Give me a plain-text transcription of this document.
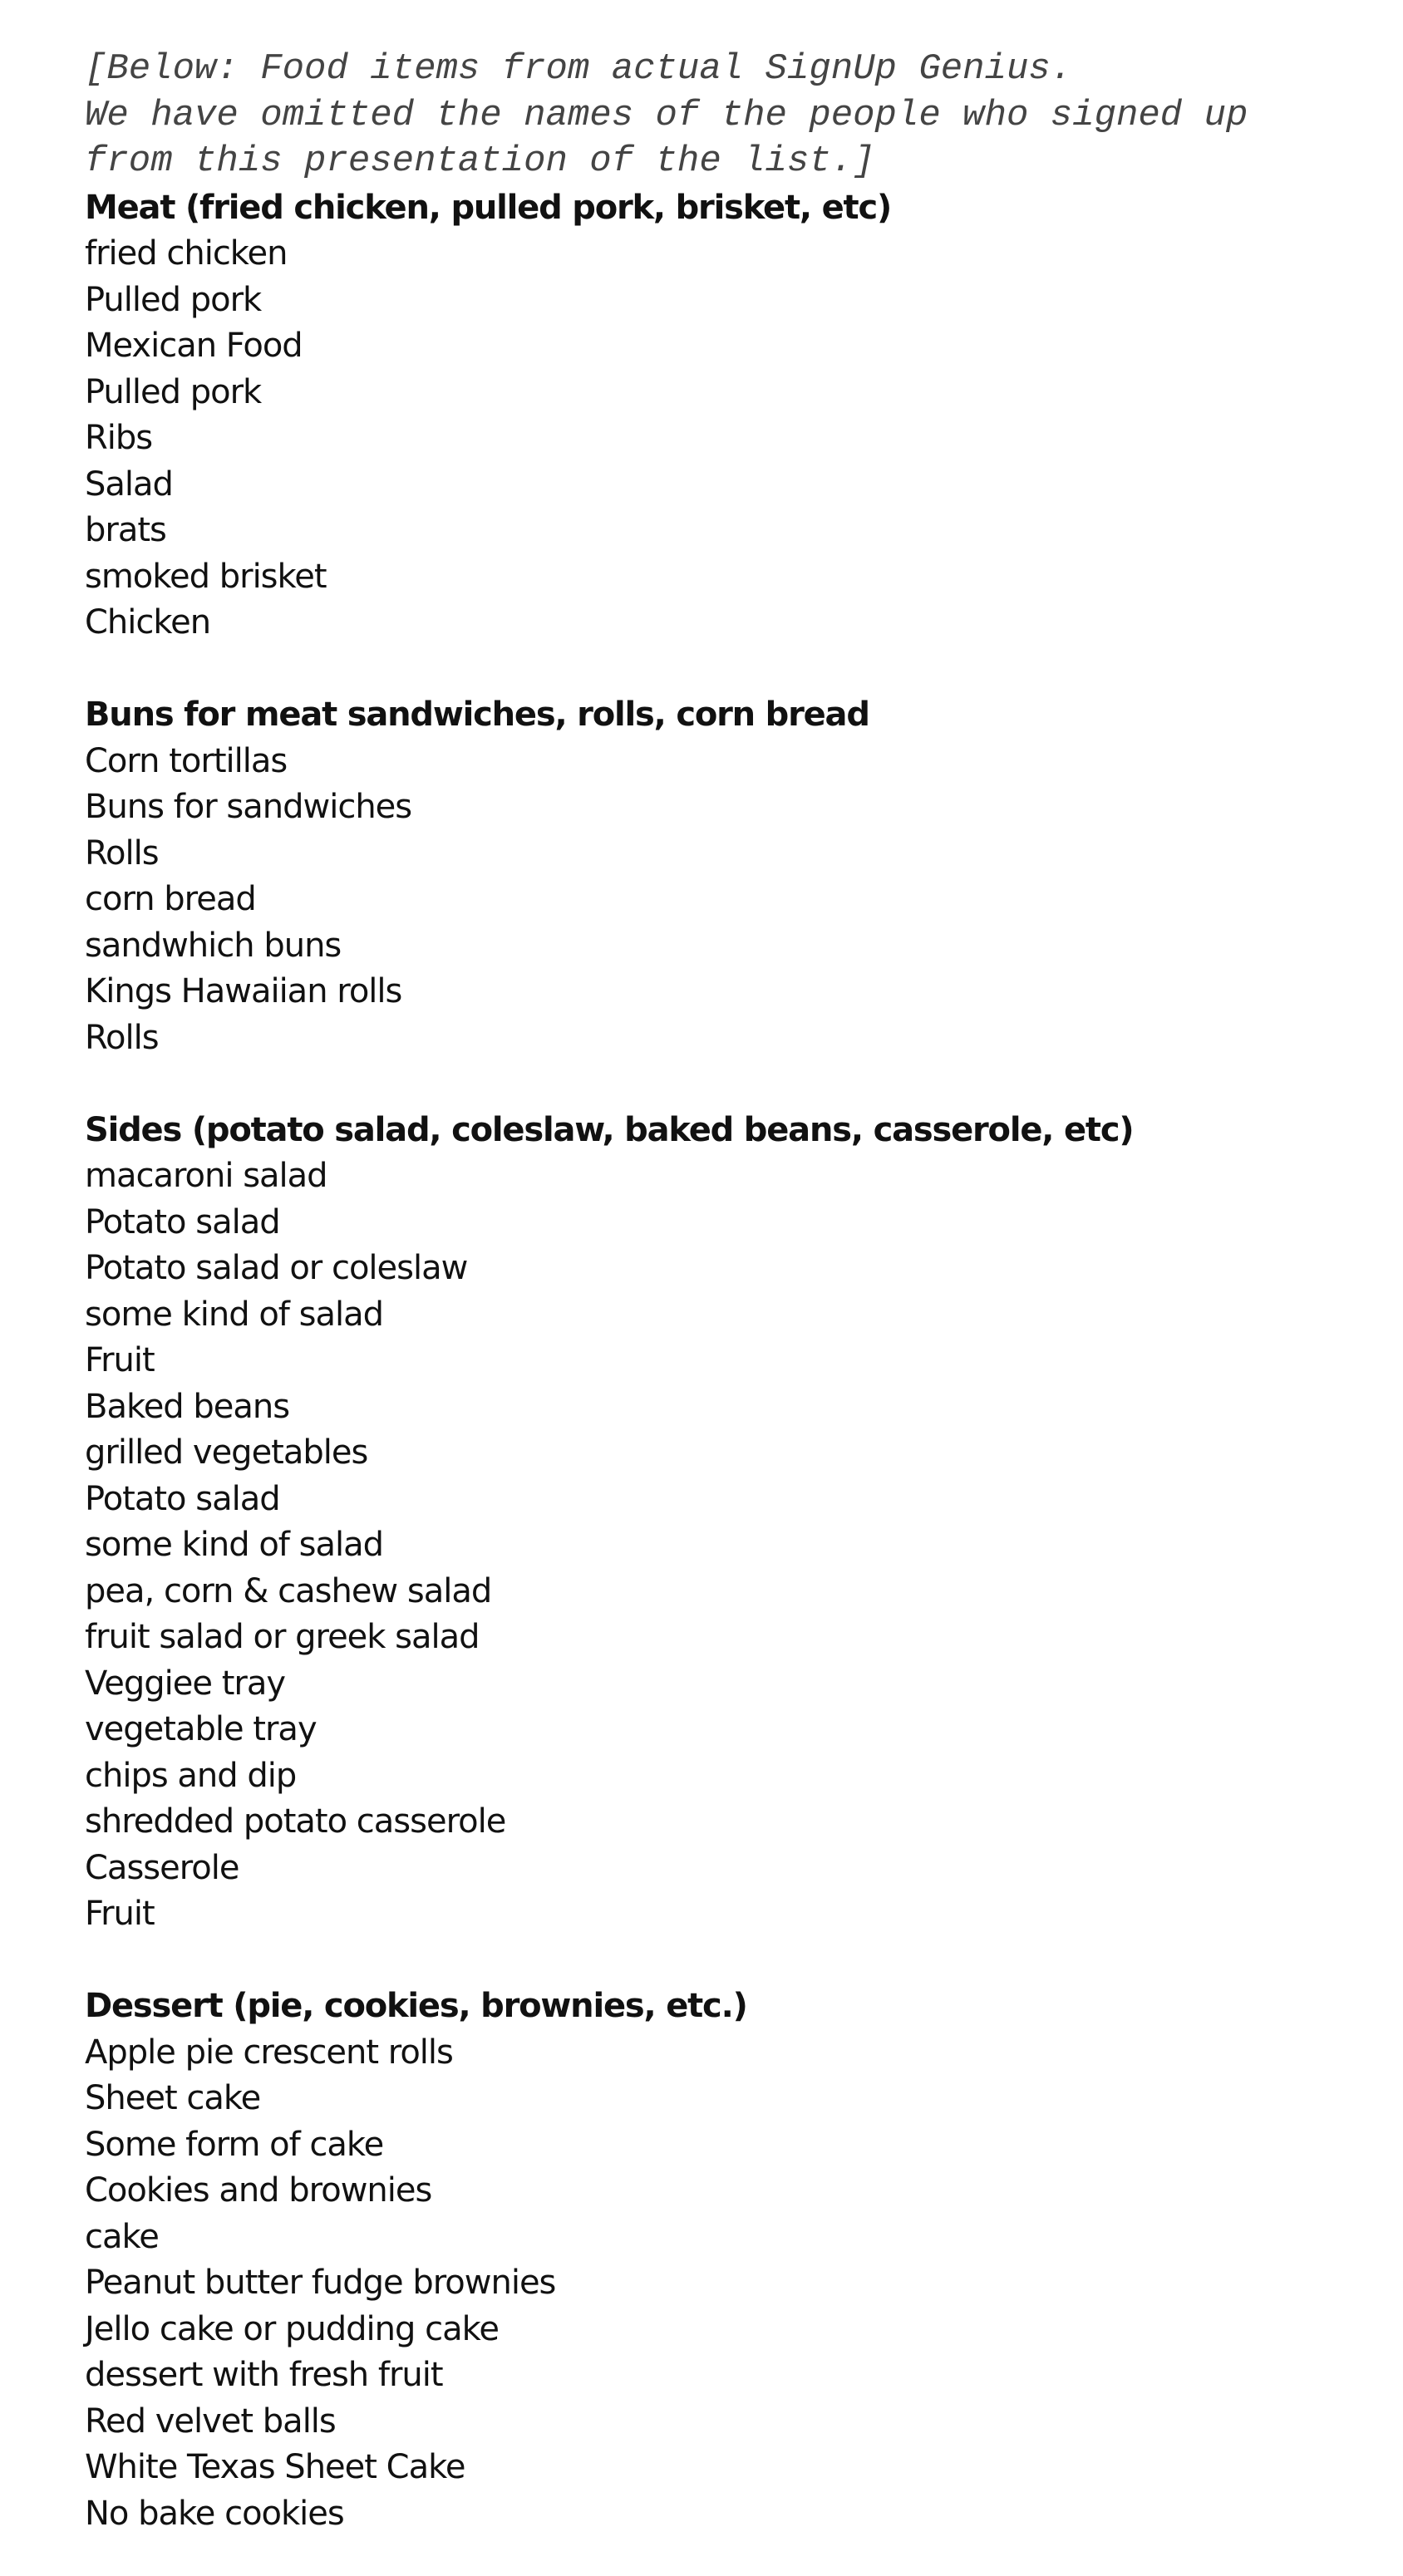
[Below: Food items from actual SignUp Genius.
We have omitted the names of the people who signed up
from this presentation of the list.]

Meat (fried chicken, pulled pork, brisket, etc)
fried chicken
Pulled pork
Mexican Food
Pulled pork
Ribs
Salad
brats
smoked brisket
Chicken
Buns for meat sandwiches, rolls, corn bread
Corn tortillas
Buns for sandwiches
Rolls
corn bread
sandwhich buns
Kings Hawaiian rolls
Rolls
Sides (potato salad, coleslaw, baked beans, casserole, etc)
macaroni salad
Potato salad
Potato salad or coleslaw
some kind of salad
Fruit
Baked beans
grilled vegetables
Potato salad
some kind of salad
pea, corn & cashew salad
fruit salad or greek salad
Veggiee tray
vegetable tray
chips and dip
shredded potato casserole
Casserole
Fruit
Dessert (pie, cookies, brownies, etc.)
Apple pie crescent rolls
Sheet cake
Some form of cake
Cookies and brownies
cake
Peanut butter fudge brownies
Jello cake or pudding cake
dessert with fresh fruit
Red velvet balls
White Texas Sheet Cake
No bake cookies
